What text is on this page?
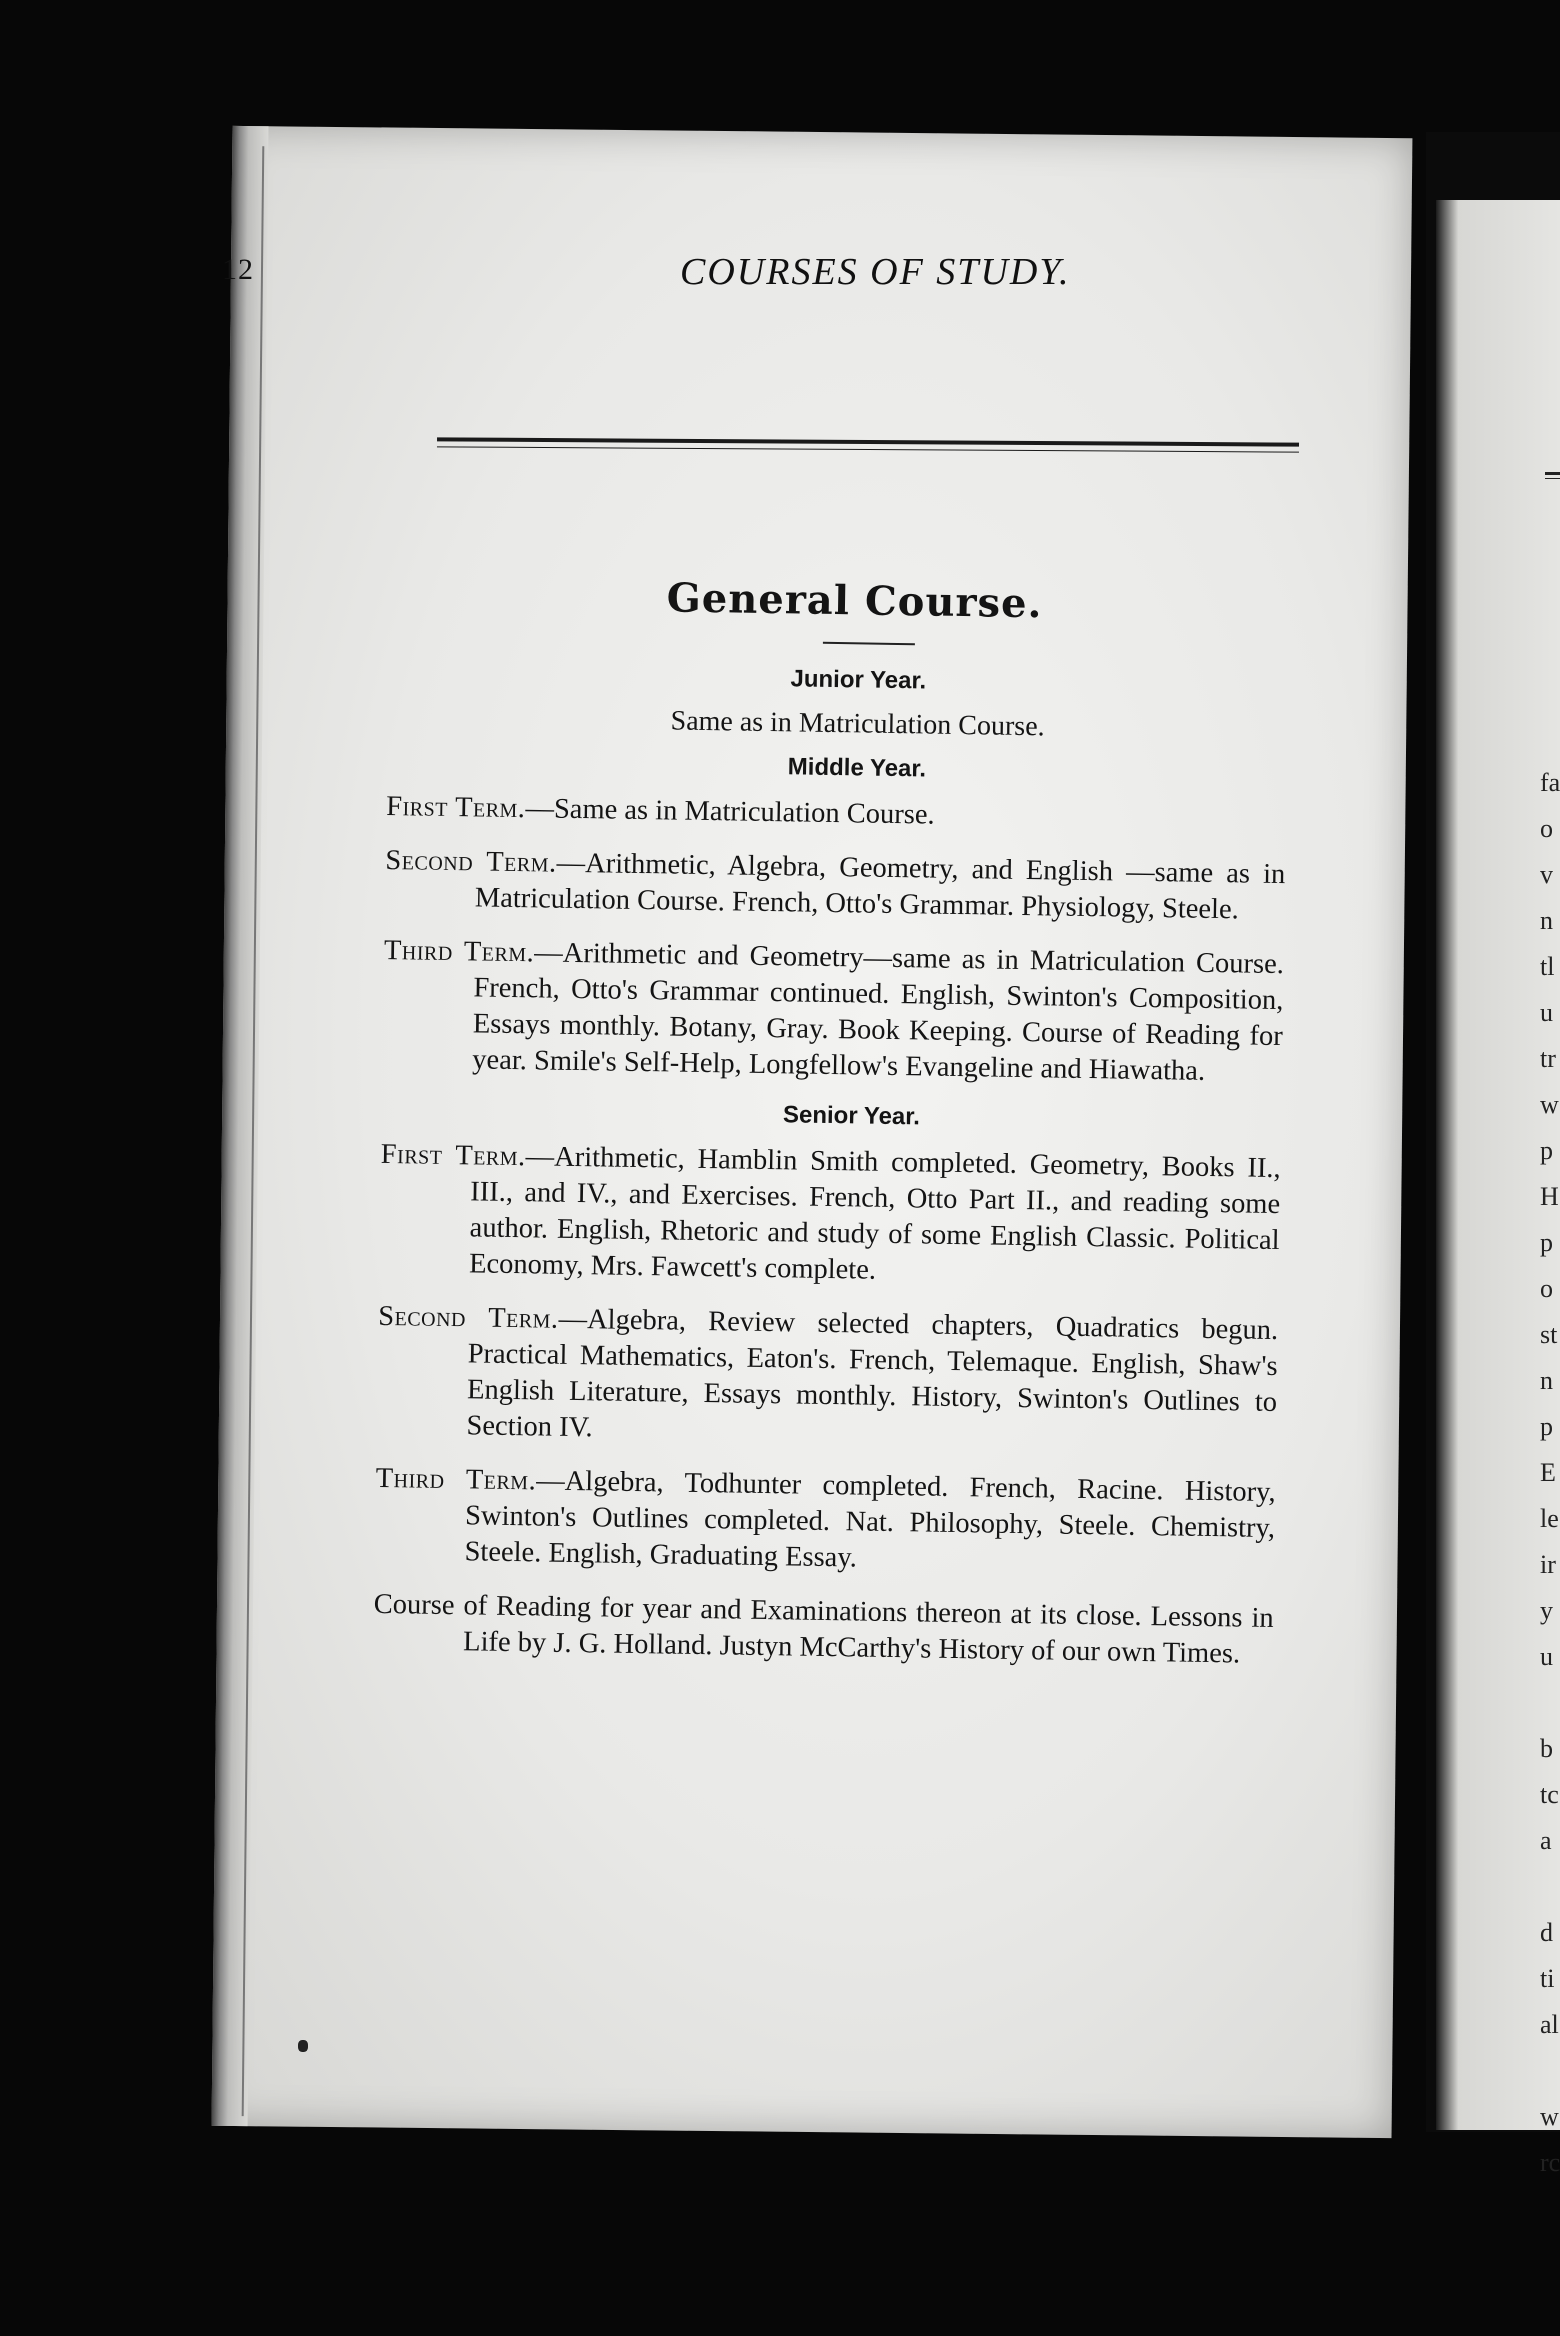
12	COURSES OF STUDY.
General Course.
Junior Year.
Same as in Matriculation Course.
Middle Year.

First Term.—Same as in Matriculation Course.

Second Term.—Arithmetic, Algebra, Geometry, and English —same as in Matriculation Course. French, Otto's Grammar. Physiology, Steele.

Third Term.—Arithmetic and Geometry—same as in Matriculation Course. French, Otto's Grammar continued. English, Swinton's Composition, Essays monthly. Botany, Gray. Book Keeping. Course of Reading for year. Smile's Self-Help, Longfellow's Evangeline and Hiawatha.

Senior Year.

First Term.—Arithmetic, Hamblin Smith completed. Geometry, Books II., III., and IV., and Exercises. French, Otto Part II., and reading some author. English, Rhetoric and study of some English Classic. Political Economy, Mrs. Fawcett's complete.

Second Term.—Algebra, Review selected chapters, Quadratics begun. Practical Mathematics, Eaton's. French, Telemaque. English, Shaw's English Literature, Essays monthly. History, Swinton's Outlines to Section IV.

Third Term.—Algebra, Todhunter completed. French, Racine. History, Swinton's Outlines completed. Nat. Philosophy, Steele. Chemistry, Steele. English, Graduating Essay.

Course of Reading for year and Examinations thereon at its close. Lessons in Life by J. G. Holland. Justyn McCarthy's History of our own Times.

fa
o
v
n
tl
u
tr
w
p
H
p
o
st
n
p
E
le
ir
y
u

b
tc
a

d
ti
al

w
rc
